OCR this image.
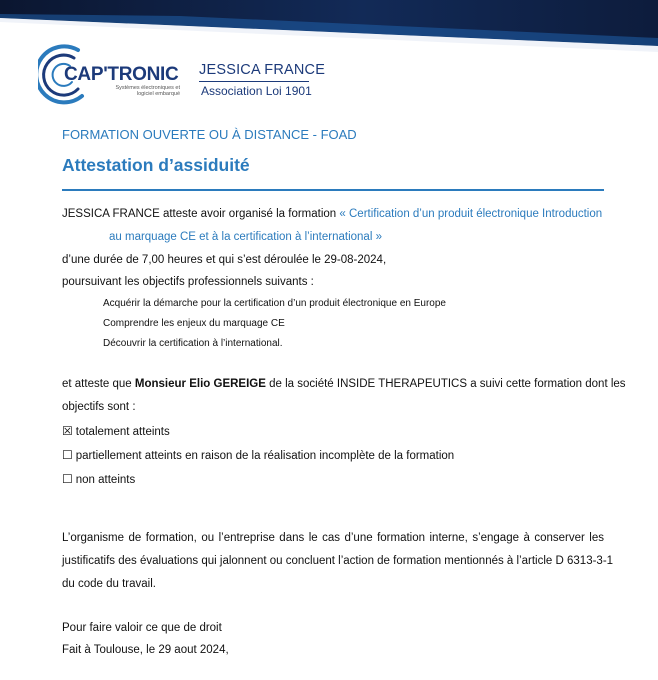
CAP'TRONIC
Systèmes électroniques et
logiciel embarqué
JESSICA FRANCE
Association Loi 1901
FORMATION OUVERTE OU À DISTANCE - FOAD
Attestation d’assiduité
JESSICA FRANCE atteste avoir organisé la formation « Certification d’un produit électronique Introduction
au marquage CE et à la certification à l’international »
d’une durée de 7,00 heures et qui s’est déroulée le 29-08-2024,
poursuivant les objectifs professionnels suivants :
Acquérir la démarche pour la certification d’un produit électronique en Europe
Comprendre les enjeux du marquage CE
Découvrir la certification à l’international.
et atteste que Monsieur Elio GEREIGE de la société INSIDE THERAPEUTICS a suivi cette formation dont les
objectifs sont :
☒ totalement atteints
☐ partiellement atteints en raison de la réalisation incomplète de la formation
☐ non atteints
L’organisme de formation, ou l’entreprise dans le cas d’une formation interne, s’engage à conserver les
justificatifs des évaluations qui jalonnent ou concluent l’action de formation mentionnés à l’article D 6313-3-1
du code du travail.
Pour faire valoir ce que de droit
Fait à Toulouse, le 29 aout 2024,
